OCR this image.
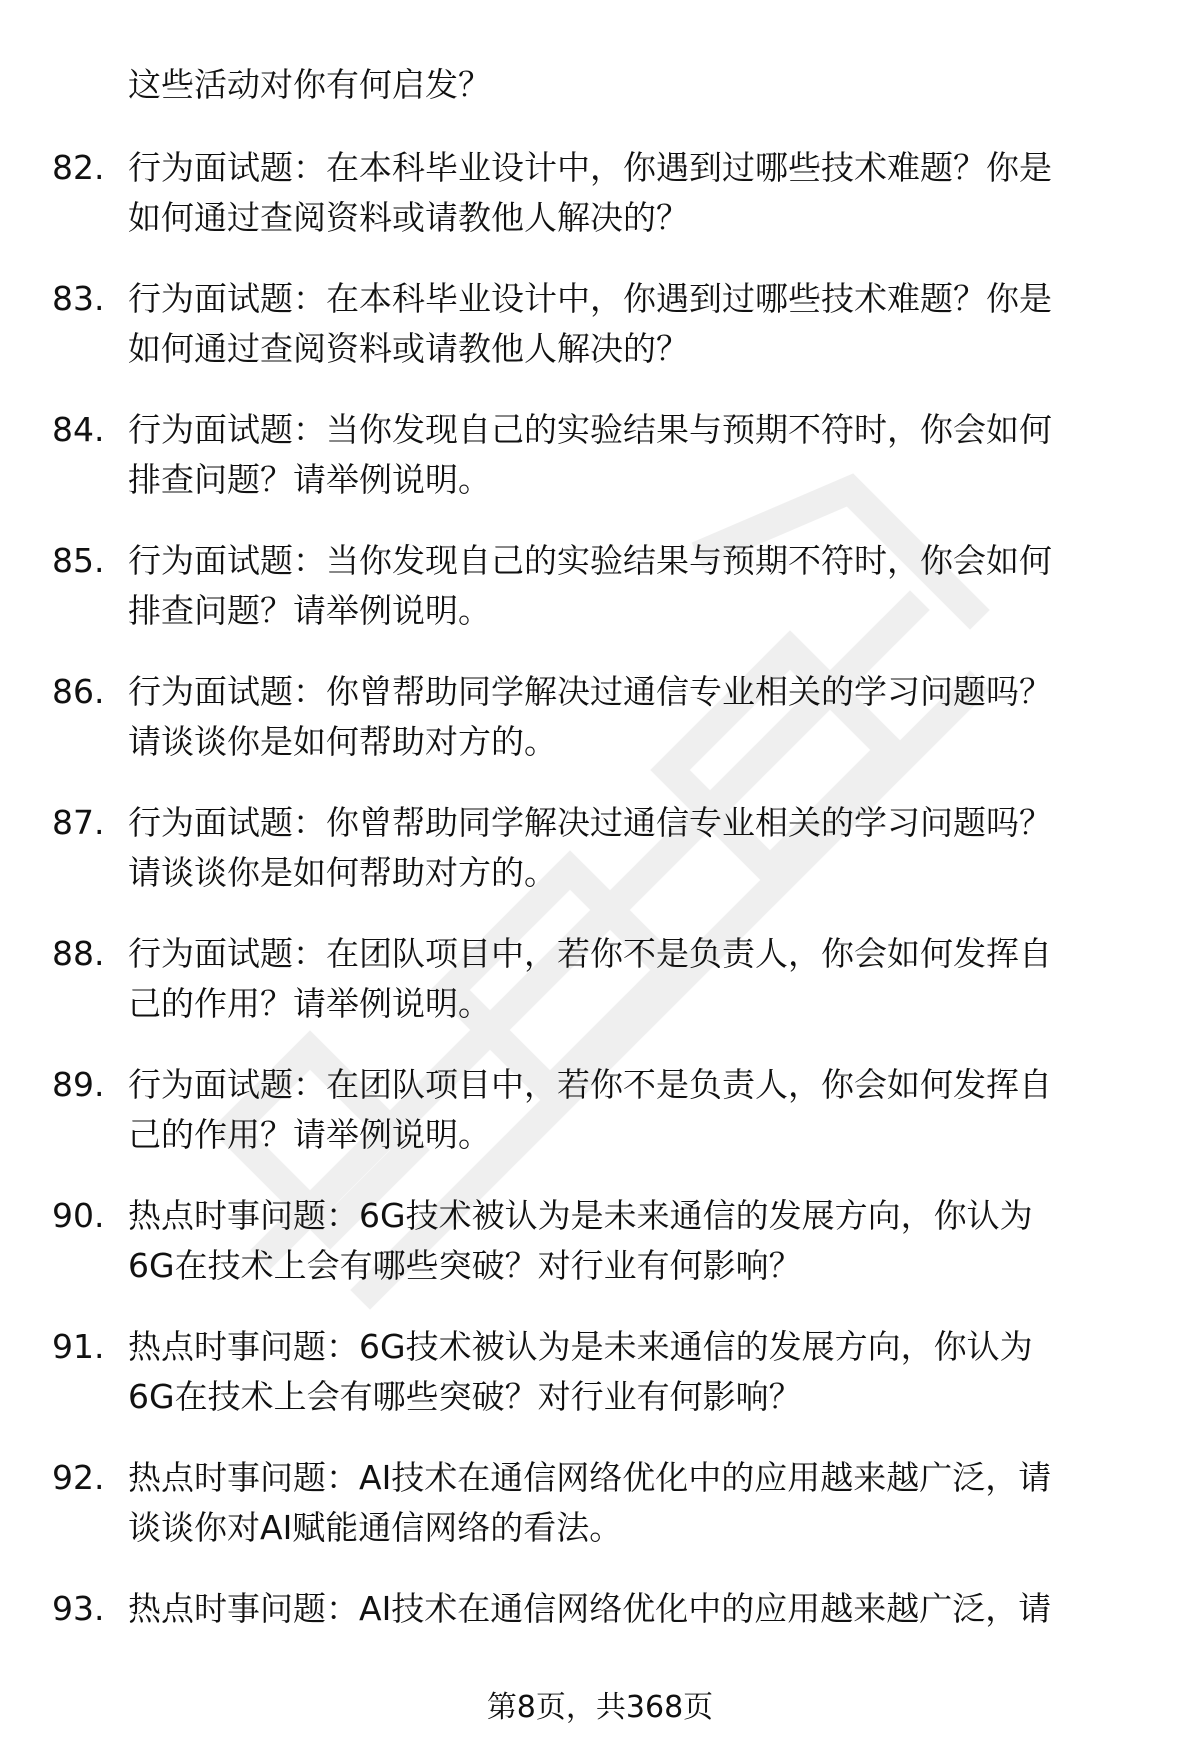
这些活动对你有何启发？
82. 行为面试题：在本科毕业设计中，你遇到过哪些技术难题？你是
如何通过查阅资料或请教他人解决的？
83. 行为面试题：在本科毕业设计中，你遇到过哪些技术难题？你是
如何通过查阅资料或请教他人解决的？
84. 行为面试题：当你发现自己的实验结果与预期不符时，你会如何
排查问题？请举例说明。
85. 行为面试题：当你发现自己的实验结果与预期不符时，你会如何
排查问题？请举例说明。
86. 行为面试题：你曾帮助同学解决过通信专业相关的学习问题吗？
请谈谈你是如何帮助对方的。
87. 行为面试题：你曾帮助同学解决过通信专业相关的学习问题吗？
请谈谈你是如何帮助对方的。
88. 行为面试题：在团队项目中，若你不是负责人，你会如何发挥自
己的作用？请举例说明。
89. 行为面试题：在团队项目中，若你不是负责人，你会如何发挥自
己的作用？请举例说明。
90. 热点时事问题：6G技术被认为是未来通信的发展方向，你认为
6G在技术上会有哪些突破？对行业有何影响？
91. 热点时事问题：6G技术被认为是未来通信的发展方向，你认为
6G在技术上会有哪些突破？对行业有何影响？
92. 热点时事问题：AI技术在通信网络优化中的应用越来越广泛，请
谈谈你对AI赋能通信网络的看法。
93. 热点时事问题：AI技术在通信网络优化中的应用越来越广泛，请
第8页，共368页
